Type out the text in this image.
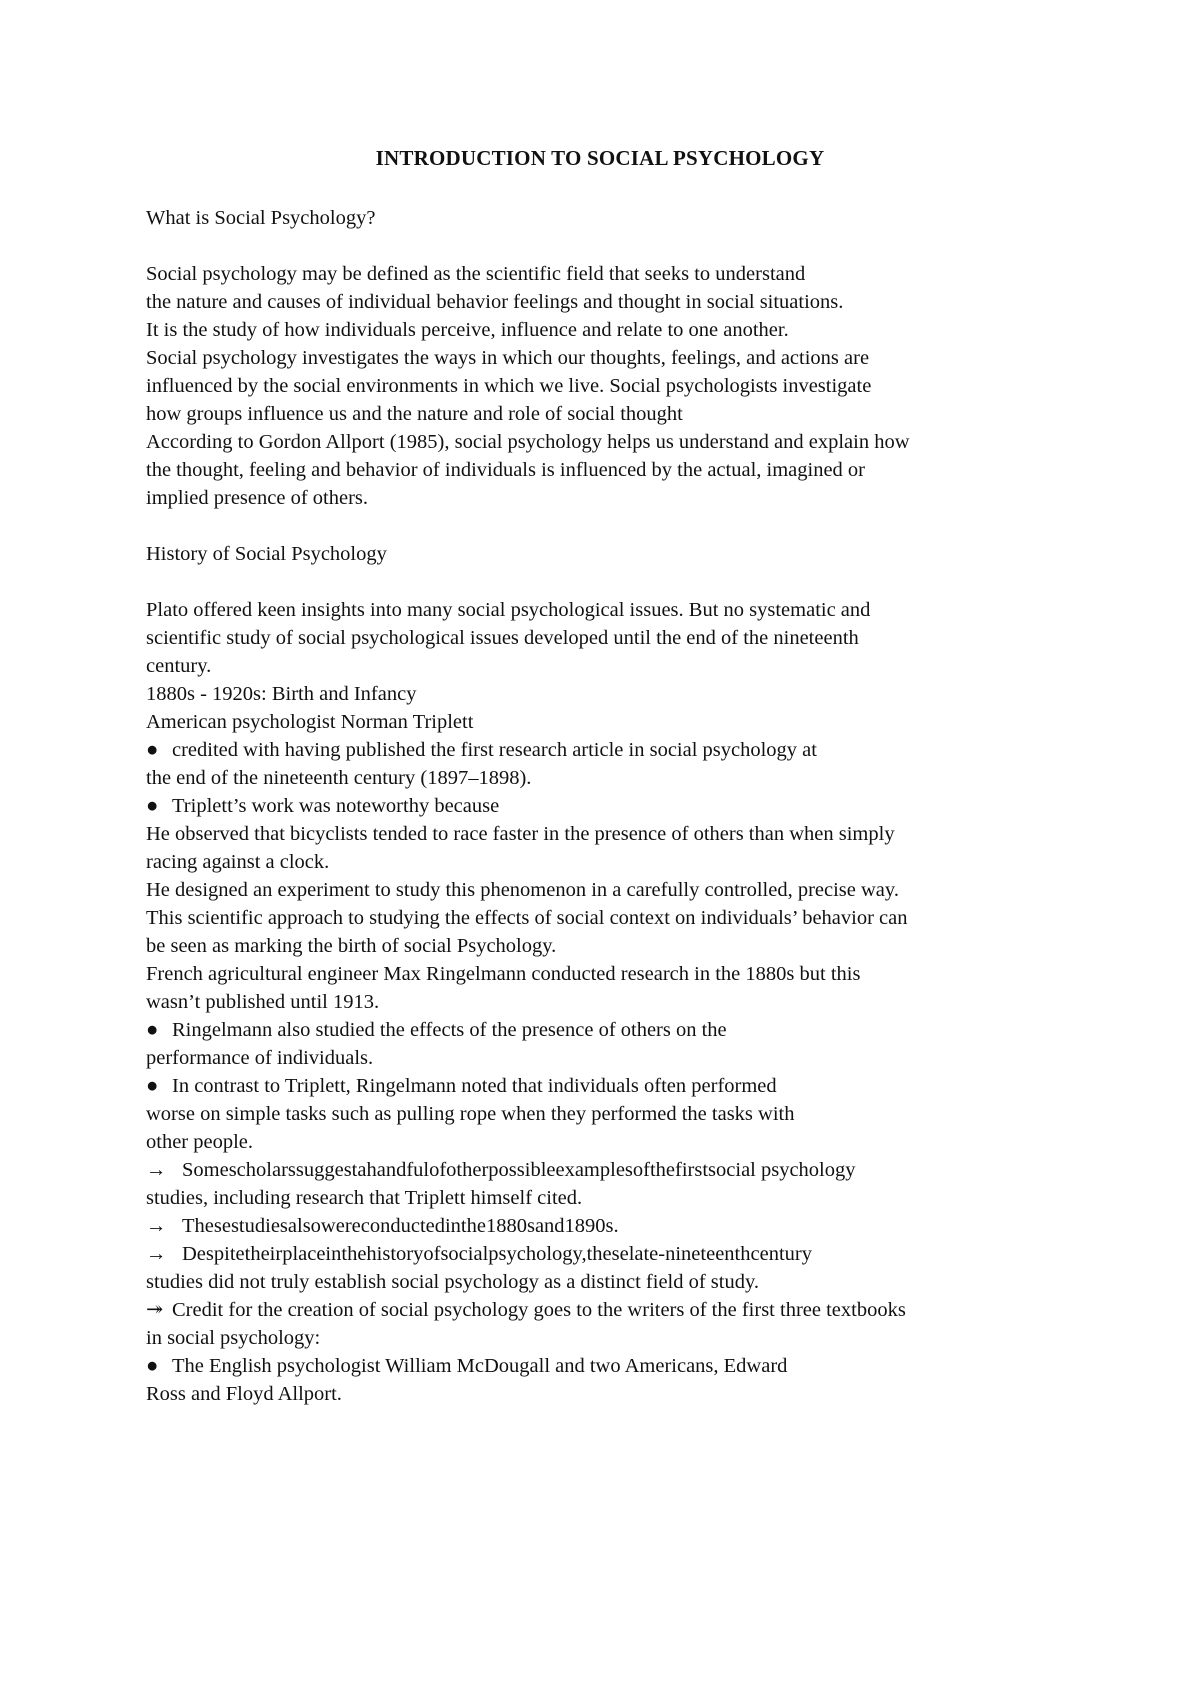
INTRODUCTION TO SOCIAL PSYCHOLOGY
What is Social Psychology?
Social psychology may be defined as the scientific field that seeks to understand
the nature and causes of individual behavior feelings and thought in social situations.
It is the study of how individuals perceive, influence and relate to one another.
Social psychology investigates the ways in which our thoughts, feelings, and actions are
influenced by the social environments in which we live. Social psychologists investigate
how groups influence us and the nature and role of social thought
According to Gordon Allport (1985), social psychology helps us understand and explain how
the thought, feeling and behavior of individuals is influenced by the actual, imagined or
implied presence of others.
History of Social Psychology
Plato offered keen insights into many social psychological issues. But no systematic and
scientific study of social psychological issues developed until the end of the nineteenth
century.
1880s - 1920s: Birth and Infancy
American psychologist Norman Triplett
● credited with having published the first research article in social psychology at
the end of the nineteenth century (1897–1898).
● Triplett’s work was noteworthy because
He observed that bicyclists tended to race faster in the presence of others than when simply
racing against a clock.
He designed an experiment to study this phenomenon in a carefully controlled, precise way.
This scientific approach to studying the effects of social context on individuals’ behavior can
be seen as marking the birth of social Psychology.
French agricultural engineer Max Ringelmann conducted research in the 1880s but this
wasn’t published until 1913.
● Ringelmann also studied the effects of the presence of others on the
performance of individuals.
● In contrast to Triplett, Ringelmann noted that individuals often performed
worse on simple tasks such as pulling rope when they performed the tasks with
other people.
→ Somescholarssuggestahandfulofotherpossibleexamplesofthefirstsocial psychology
studies, including research that Triplett himself cited.
→ Thesestudiesalsowereconductedinthe1880sand1890s.
→ Despitetheirplaceinthehistoryofsocialpsychology,theselate-nineteenthcentury
studies did not truly establish social psychology as a distinct field of study.
↠ Credit for the creation of social psychology goes to the writers of the first three textbooks
in social psychology:
● The English psychologist William McDougall and two Americans, Edward
Ross and Floyd Allport.
